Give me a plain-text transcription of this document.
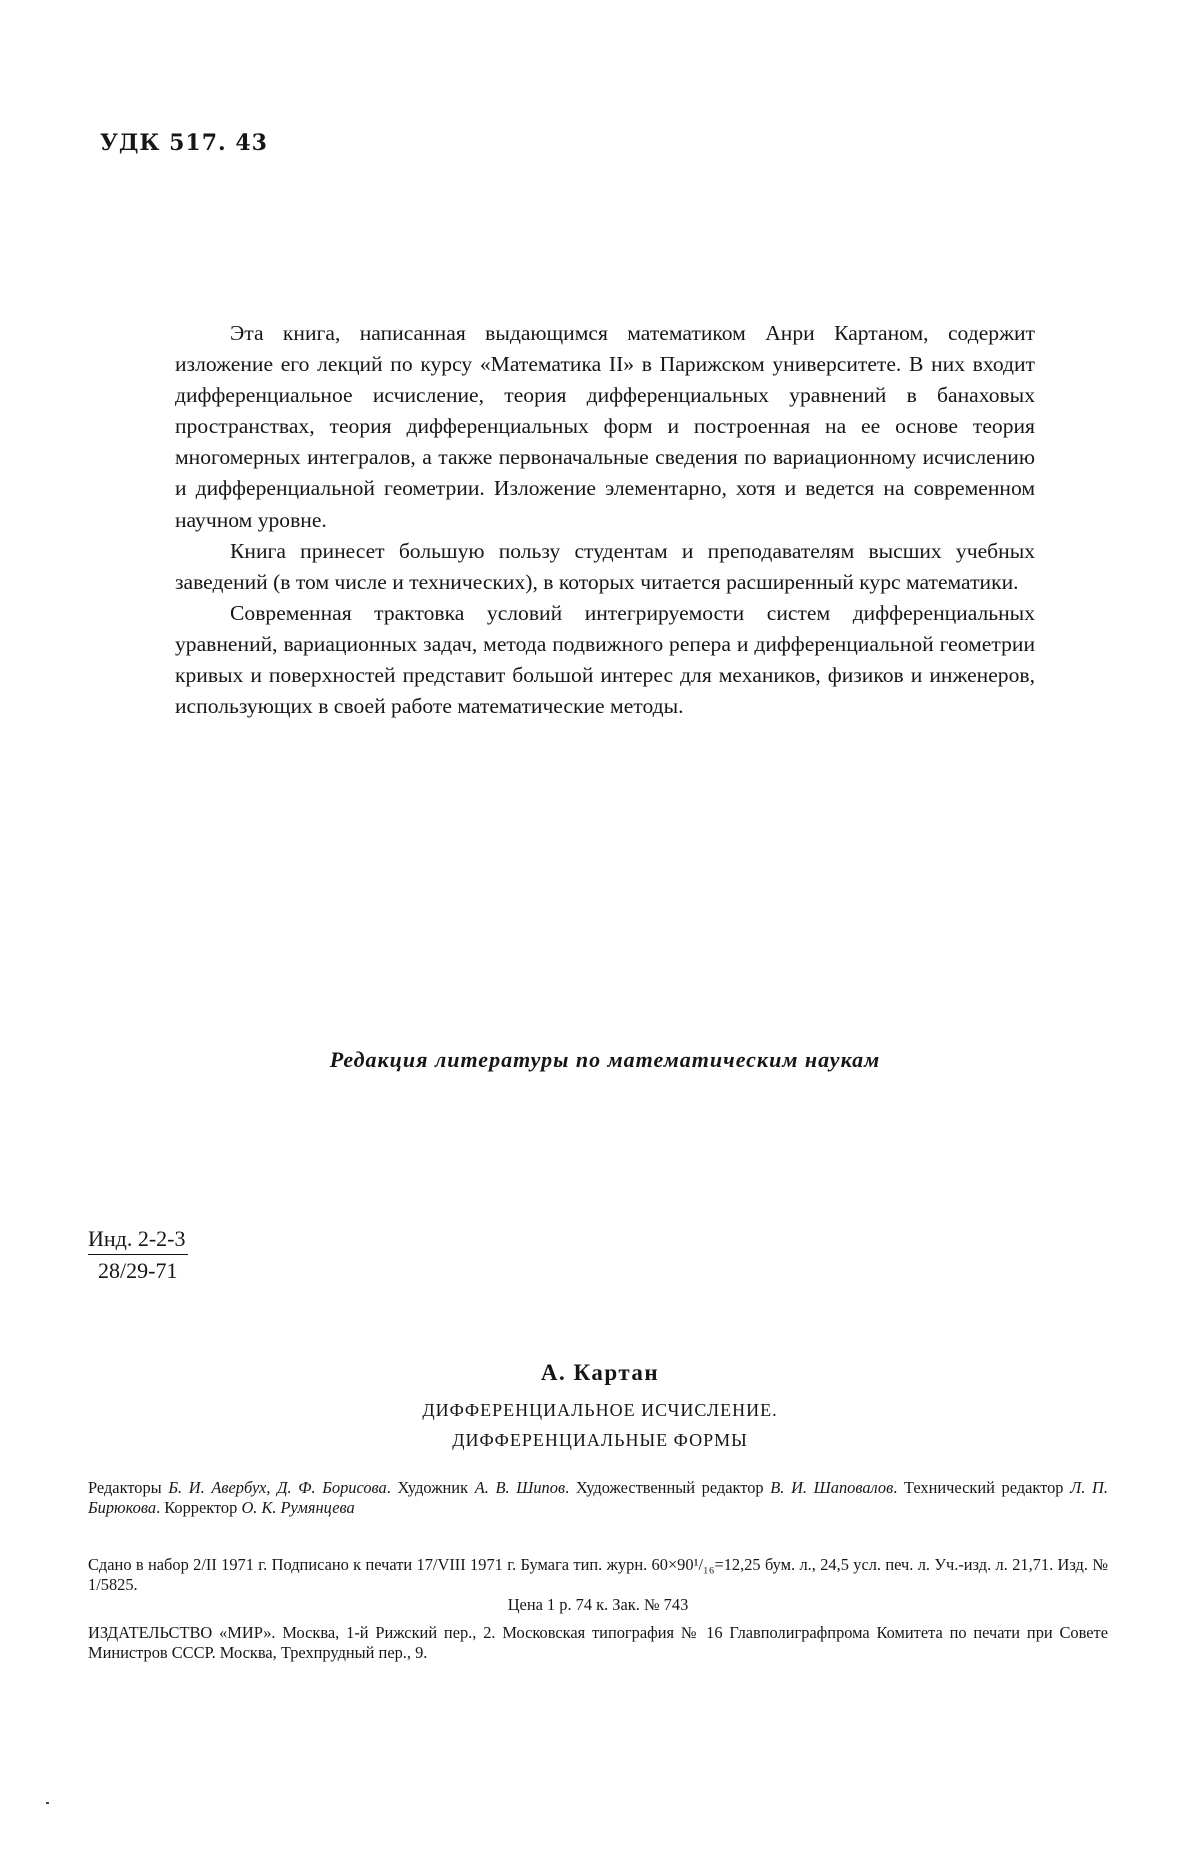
УДК 517. 43

Эта книга, написанная выдающимся математиком Анри Картаном, содержит изложение его лекций по курсу «Математика II» в Парижском университете. В них входит дифференциальное исчисление, теория дифференциальных уравнений в банаховых пространствах, теория дифференциальных форм и построенная на ее основе теория многомерных интегралов, а также первоначальные сведения по вариационному исчислению и дифференциальной геометрии. Изложение элементарно, хотя и ведется на современном научном уровне.

Книга принесет большую пользу студентам и преподавателям высших учебных заведений (в том числе и технических), в которых читается расширенный курс математики.

Современная трактовка условий интегрируемости систем дифференциальных уравнений, вариационных задач, метода подвижного репера и дифференциальной геометрии кривых и поверхностей представит большой интерес для механиков, физиков и инженеров, использующих в своей работе математические методы.

Редакция литературы по математическим наукам
Инд. 2-2-3
28/29-71
А. Картан
ДИФФЕРЕНЦИАЛЬНОЕ ИСЧИСЛЕНИЕ.
ДИФФЕРЕНЦИАЛЬНЫЕ ФОРМЫ
Редакторы Б. И. Авербух, Д. Ф. Борисова. Художник А. В. Шипов. Художественный редактор В. И. Шаповалов. Технический редактор Л. П. Бирюкова. Корректор О. К. Румянцева
Сдано в набор 2/II 1971 г. Подписано к печати 17/VIII 1971 г. Бумага тип. журн. 60×90¹/₁₆=12,25 бум. л., 24,5 усл. печ. л. Уч.-изд. л. 21,71. Изд. № 1/5825.
Цена 1 р. 74 к. Зак. № 743
ИЗДАТЕЛЬСТВО «МИР». Москва, 1-й Рижский пер., 2. Московская типография № 16 Главполиграфпрома Комитета по печати при Совете Министров СССР. Москва, Трехпрудный пер., 9.
